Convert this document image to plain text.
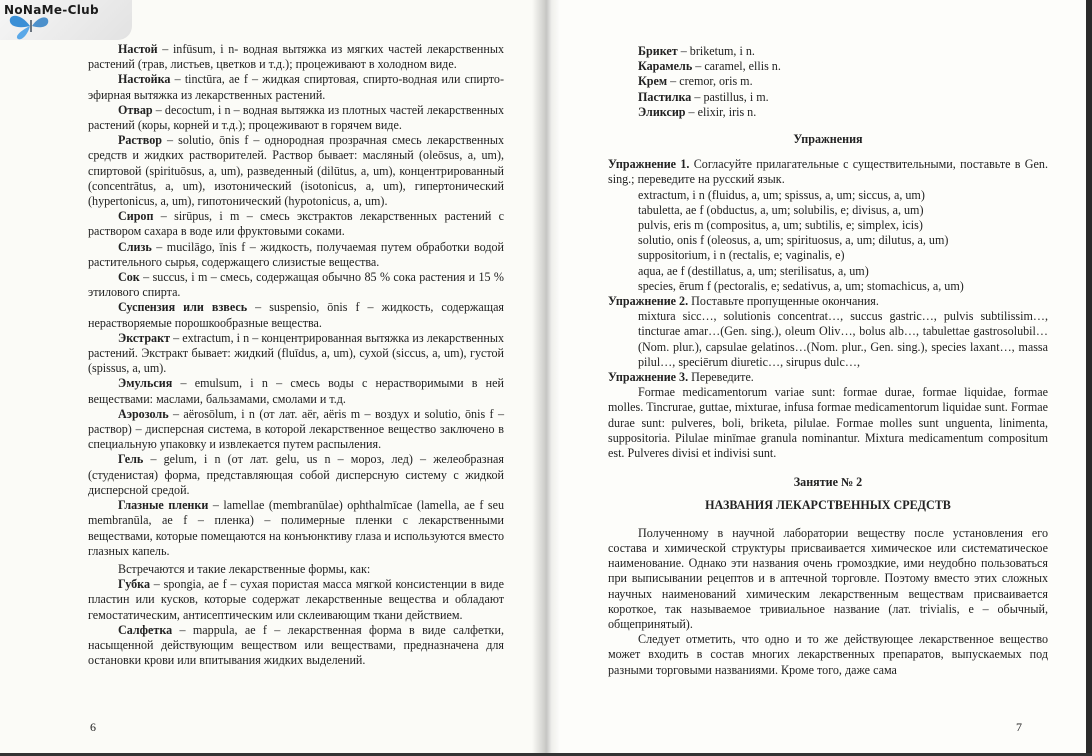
NoNaMe-Club

Настой – infūsum, i n- водная вытяжка из мягких частей лекарственных растений (трав, листьев, цветков и т.д.); процеживают в холодном виде.

Настойка – tinctūra, ae f – жидкая спиртовая, спирто-водная или спирто-эфирная вытяжка из лекарственных растений.

Отвар – decoctum, i n – водная вытяжка из плотных частей лекарственных растений (коры, корней и т.д.); процеживают в горячем виде.

Раствор – solutio, ōnis f – однородная прозрачная смесь лекарственных средств и жидких растворителей. Раствор бывает: масляный (oleōsus, a, um), спиртовой (spirituōsus, a, um), разведенный (dilūtus, a, um), концентрированный (concentrātus, a, um), изотонический (isotonicus, a, um), гипертонический (hypertonicus, a, um), гипотонический (hypotonicus, a, um).

Сироп – sirūpus, i m – смесь экстрактов лекарственных растений с раствором сахара в воде или фруктовыми соками.

Слизь – mucilāgo, īnis f – жидкость, получаемая путем обработки водой растительного сырья, содержащего слизистые вещества.

Сок – succus, i m – смесь, содержащая обычно 85 % сока растения и 15 % этилового спирта.

Суспензия или взвесь – suspensio, ōnis f – жидкость, содержащая нерастворяемые порошкообразные вещества.

Экстракт – extractum, i n – концентрированная вытяжка из лекарственных растений. Экстракт бывает: жидкий (fluīdus, a, um), сухой (siccus, a, um), густой (spissus, a, um).

Эмульсия – emulsum, i n – смесь воды с нерастворимыми в ней веществами: маслами, бальзамами, смолами и т.д.

Аэрозоль – aërosōlum, i n (от лат. aër, aëris m – воздух и solutio, ōnis f – раствор) – дисперсная система, в которой лекарственное вещество заключено в специальную упаковку и извлекается путем распыления.

Гель – gelum, i n (от лат. gelu, us n – мороз, лед) – желеобразная (студенистая) форма, представляющая собой дисперсную систему с жидкой дисперсной средой.

Глазные пленки – lamellae (membranūlae) ophthalmīcae (lamella, ae f seu membranūla, ae f – пленка) – полимерные пленки с лекарственными веществами, которые помещаются на конъюнктиву глаза и используются вместо глазных капель.

Встречаются и такие лекарственные формы, как:

Губка – spongia, ae f – сухая пористая масса мягкой консистенции в виде пластин или кусков, которые содержат лекарственные вещества и обладают гемостатическим, антисептическим или склеивающим ткани действием.

Салфетка – mappula, ae f – лекарственная форма в виде салфетки, насыщенной действующим веществом или веществами, предназначена для остановки крови или впитывания жидких выделений.

6

Брикет – briketum, i n.

Карамель – caramel, ellis n.

Крем – cremor, oris m.

Пастилка – pastillus, i m.

Эликсир – elixir, iris n.

Упражнения

Упражнение 1. Согласуйте прилагательные с существительными, поставьте в Gen. sing.; переведите на русский язык.

extractum, i n (fluidus, a, um; spissus, a, um; siccus, a, um)

tabuletta, ae f (obductus, a, um; solubilis, e; divisus, a, um)

pulvis, eris m (compositus, a, um; subtilis, e; simplex, icis)

solutio, onis f (oleosus, a, um; spirituosus, a, um; dilutus, a, um)

suppositorium, i n (rectalis, e; vaginalis, e)

aqua, ae f (destillatus, a, um; sterilisatus, a, um)

species, ērum f (pectoralis, e; sedativus, a, um; stomachicus, a, um)

Упражнение 2. Поставьте пропущенные окончания.

mixtura sicc…, solutionis concentrat…, succus gastric…, pulvis subtilissim…, tincturae amar…(Gen. sing.), oleum Oliv…, bolus alb…, tabulettae gastrosolubil…(Nom. plur.), capsulae gelatinos…(Nom. plur., Gen. sing.), species laxant…, massa pilul…, speciērum diuretic…, sirupus dulc…,

Упражнение 3. Переведите.

Formae medicamentorum variae sunt: formae durae, formae liquidae, formae molles. Tincrurae, guttae, mixturae, infusa formae medicamentorum liquidae sunt. Formae durae sunt: pulveres, boli, briketa, pilulae. Formae molles sunt unguenta, linimenta, suppositoria. Pilulae minīmae granula nominantur. Mixtura medicamentum compositum est. Pulveres divisi et indivisi sunt.

Занятие № 2

НАЗВАНИЯ ЛЕКАРСТВЕННЫХ СРЕДСТВ

Полученному в научной лаборатории веществу после установления его состава и химической структуры присваивается химическое или систематическое наименование. Однако эти названия очень громоздкие, ими неудобно пользоваться при выписывании рецептов и в аптечной торговле. Поэтому вместо этих сложных научных наименований химическим лекарственным веществам присваивается короткое, так называемое тривиальное название (лат. trivialis, e – обычный, общепринятый).

Следует отметить, что одно и то же действующее лекарственное вещество может входить в состав многих лекарственных препаратов, выпускаемых под разными торговыми названиями. Кроме того, даже сама

7
